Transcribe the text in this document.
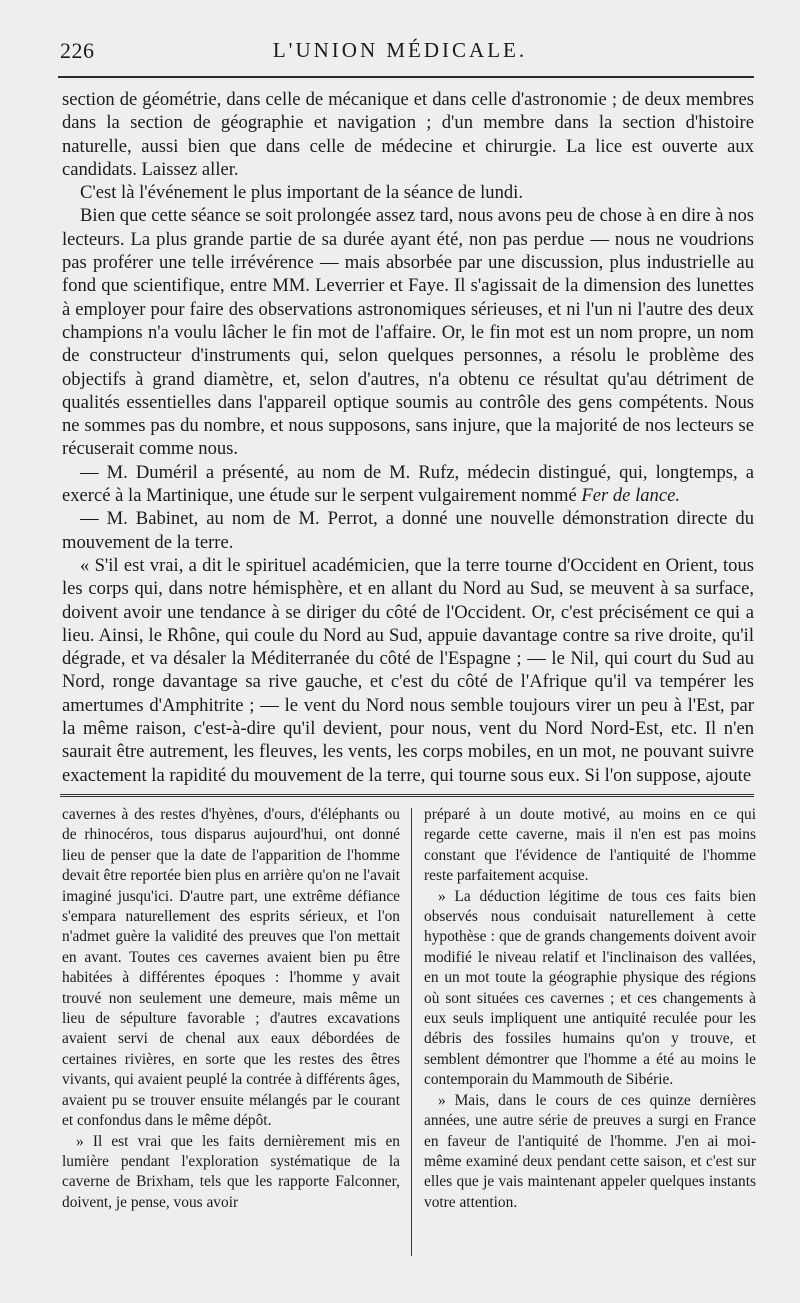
226	L'UNION MÉDICALE.

section de géométrie, dans celle de mécanique et dans celle d'astronomie ; de deux membres dans la section de géographie et navigation ; d'un membre dans la section d'histoire naturelle, aussi bien que dans celle de médecine et chirurgie. La lice est ouverte aux candidats. Laissez aller.

C'est là l'événement le plus important de la séance de lundi.

Bien que cette séance se soit prolongée assez tard, nous avons peu de chose à en dire à nos lecteurs. La plus grande partie de sa durée ayant été, non pas perdue — nous ne voudrions pas proférer une telle irrévérence — mais absorbée par une discussion, plus industrielle au fond que scientifique, entre MM. Leverrier et Faye. Il s'agissait de la dimension des lunettes à employer pour faire des observations astronomiques sérieuses, et ni l'un ni l'autre des deux champions n'a voulu lâcher le fin mot de l'affaire. Or, le fin mot est un nom propre, un nom de constructeur d'instruments qui, selon quelques personnes, a résolu le problème des objectifs à grand diamètre, et, selon d'autres, n'a obtenu ce résultat qu'au détriment de qualités essentielles dans l'appareil optique soumis au contrôle des gens compétents. Nous ne sommes pas du nombre, et nous supposons, sans injure, que la majorité de nos lecteurs se récuserait comme nous.

— M. Duméril a présenté, au nom de M. Rufz, médecin distingué, qui, longtemps, a exercé à la Martinique, une étude sur le serpent vulgairement nommé Fer de lance.

— M. Babinet, au nom de M. Perrot, a donné une nouvelle démonstration directe du mouvement de la terre.

« S'il est vrai, a dit le spirituel académicien, que la terre tourne d'Occident en Orient, tous les corps qui, dans notre hémisphère, et en allant du Nord au Sud, se meuvent à sa surface, doivent avoir une tendance à se diriger du côté de l'Occident. Or, c'est précisément ce qui a lieu. Ainsi, le Rhône, qui coule du Nord au Sud, appuie davantage contre sa rive droite, qu'il dégrade, et va désaler la Méditerranée du côté de l'Espagne ; — le Nil, qui court du Sud au Nord, ronge davantage sa rive gauche, et c'est du côté de l'Afrique qu'il va tempérer les amertumes d'Amphitrite ; — le vent du Nord nous semble toujours virer un peu à l'Est, par la même raison, c'est-à-dire qu'il devient, pour nous, vent du Nord Nord-Est, etc. Il n'en saurait être autrement, les fleuves, les vents, les corps mobiles, en un mot, ne pouvant suivre exactement la rapidité du mouvement de la terre, qui tourne sous eux. Si l'on suppose, ajoute

cavernes à des restes d'hyènes, d'ours, d'éléphants ou de rhinocéros, tous disparus aujourd'hui, ont donné lieu de penser que la date de l'apparition de l'homme devait être reportée bien plus en arrière qu'on ne l'avait imaginé jusqu'ici. D'autre part, une extrême défiance s'empara naturellement des esprits sérieux, et l'on n'admet guère la validité des preuves que l'on mettait en avant. Toutes ces cavernes avaient bien pu être habitées à différentes époques : l'homme y avait trouvé non seulement une demeure, mais même un lieu de sépulture favorable ; d'autres excavations avaient servi de chenal aux eaux débordées de certaines rivières, en sorte que les restes des êtres vivants, qui avaient peuplé la contrée à différents âges, avaient pu se trouver ensuite mélangés par le courant et confondus dans le même dépôt.

» Il est vrai que les faits dernièrement mis en lumière pendant l'exploration systématique de la caverne de Brixham, tels que les rapporte Falconner, doivent, je pense, vous avoir

préparé à un doute motivé, au moins en ce qui regarde cette caverne, mais il n'en est pas moins constant que l'évidence de l'antiquité de l'homme reste parfaitement acquise.

» La déduction légitime de tous ces faits bien observés nous conduisait naturellement à cette hypothèse : que de grands changements doivent avoir modifié le niveau relatif et l'inclinaison des vallées, en un mot toute la géographie physique des régions où sont situées ces cavernes ; et ces changements à eux seuls impliquent une antiquité reculée pour les débris des fossiles humains qu'on y trouve, et semblent démontrer que l'homme a été au moins le contemporain du Mammouth de Sibérie.

» Mais, dans le cours de ces quinze dernières années, une autre série de preuves a surgi en France en faveur de l'antiquité de l'homme. J'en ai moi-même examiné deux pendant cette saison, et c'est sur elles que je vais maintenant appeler quelques instants votre attention.
